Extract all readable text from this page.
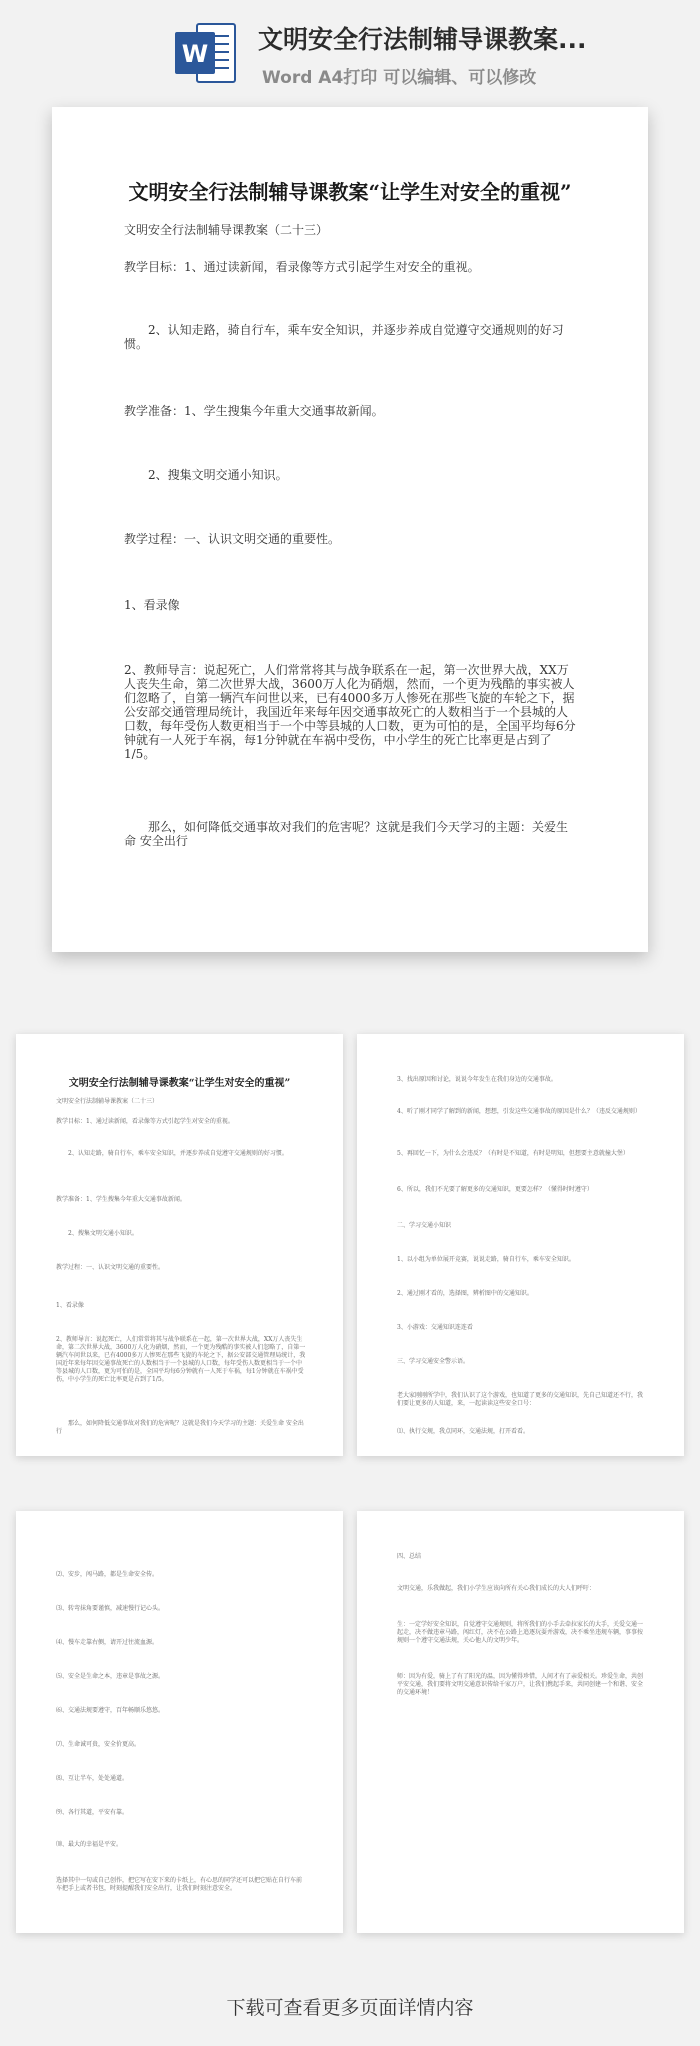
W 文明安全行法制辅导课教案...
Word A4打印 可以编辑、可以修改
文明安全行法制辅导课教案“让学生对安全的重视”

文明安全行法制辅导课教案（二十三）

教学目标：1、通过读新闻，看录像等方式引起学生对安全的重视。

2、认知走路，骑自行车，乘车安全知识，并逐步养成自觉遵守交通规则的好习惯。

教学准备：1、学生搜集今年重大交通事故新闻。

2、搜集文明交通小知识。

教学过程：一、认识文明交通的重要性。

1、看录像

2、教师导言：说起死亡，人们常常将其与战争联系在一起，第一次世界大战，XX万人丧失生命，第二次世界大战，3600万人化为硝烟，然而，一个更为残酷的事实被人们忽略了，自第一辆汽车问世以来，已有4000多万人惨死在那些飞旋的车轮之下，据公安部交通管理局统计，我国近年来每年因交通事故死亡的人数相当于一个县城的人口数，每年受伤人数更相当于一个中等县城的人口数，更为可怕的是，全国平均每6分钟就有一人死于车祸，每1分钟就在车祸中受伤，中小学生的死亡比率更是占到了1/5。

那么，如何降低交通事故对我们的危害呢？这就是我们今天学习的主题：关爱生命 安全出行

文明安全行法制辅导课教案“让学生对安全的重视”

文明安全行法制辅导课教案（二十三）

教学目标：1、通过读新闻，看录像等方式引起学生对安全的重视。

2、认知走路，骑自行车，乘车安全知识，并逐步养成自觉遵守交通规则的好习惯。

教学准备：1、学生搜集今年重大交通事故新闻。

2、搜集文明交通小知识。

教学过程：一、认识文明交通的重要性。

1、看录像

2、教师导言：说起死亡，人们常常将其与战争联系在一起，第一次世界大战，XX万人丧失生命，第二次世界大战，3600万人化为硝烟，然而，一个更为残酷的事实被人们忽略了，自第一辆汽车问世以来，已有4000多万人惨死在那些飞旋的车轮之下，据公安部交通管理局统计，我国近年来每年因交通事故死亡的人数相当于一个县城的人口数，每年受伤人数更相当于一个中等县城的人口数，更为可怕的是，全国平均每6分钟就有一人死于车祸，每1分钟就在车祸中受伤，中小学生的死亡比率更是占到了1/5。

那么，如何降低交通事故对我们的危害呢？这就是我们今天学习的主题：关爱生命 安全出行

3、找出原因和讨论，说说今年发生在我们身边的交通事故。

4、听了刚才同学了解到的新闻，想想，引发这些交通事故的原因是什么？（违反交通规则）

5、再回忆一下，为什么会违反？（有时是不知道，有时是明知，但想要主意就撞大堡）

6、所以，我们不光要了解更多的交通知识，更要怎样？（懂得时时遵守）

二、学习交通小知识

1、以小组为单位展开竞赛，说说走路，骑自行车，乘车安全知识。

2、通过刚才看的，选择图，辨析图中的交通知识。

3、小游戏：交通知识连连看

三、学习交通安全警示语。

老大家刚刚所学中，我们认识了这个游戏，也知道了更多的交通知识，先自己知道还不行，我们要让更多的人知道，来，一起读读这些安全口号：

⑴、执行交规，我点同环，交通法规，打开看看。

⑵、安步，闯马路，都是生命安全传。

⑶、转弯抹角要谨慎，减速慢行记心头。

⑷、慢车走靠右侧，请开过往流血源。

⑸、安全是生命之本，违章是事故之源。

⑹、交通法规要遵守，百年畅顺乐悠悠。

⑺、生命诚可贵，安全价更高。

⑻、互让半车，处处通道。

⑼、各行其道，平安有靠。

⑽、最大的幸福是平安。

选择其中一句或自己创作，把它写在安下来的卡纸上，有心思的同学还可以把它贴在自行车前车把手上或者书包，时刻提醒我们安全出行，让我们时刻注意安全。

四、总结

文明交通，乐我做起，我们小学生应该向所有关心我们成长的大人们呼吁：

生：一定学好安全知识，自觉遵守交通规则，将所我们的小手去牵拉家长的大手，关爱交通一起走，决不做违章马路，闯红灯，决不在公路上追逐玩耍并游戏，决不乘坐违规车辆，事事按规则一个遵守交通法规，关心他人的文明少年。

师：因为有爱，骑上了有了阳光的温，因为懂得珍惜，人间才有了亲爱相关。珍爱生命，共创平安交通，我们要将文明交通意识传给千家万户，让我们携起手来，共同创建一个和谐、安全的交通环境！

下载可查看更多页面详情内容
